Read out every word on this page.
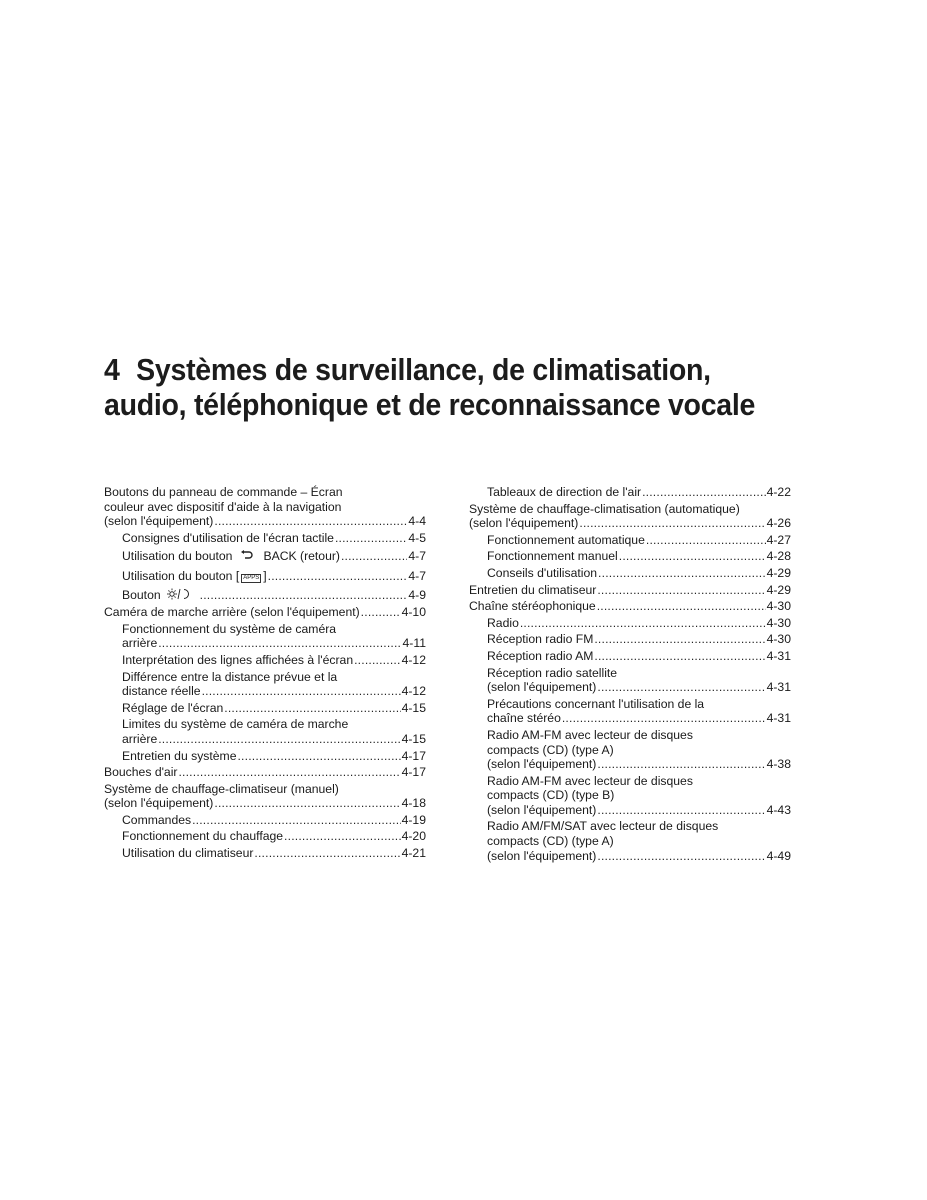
4 Systèmes de surveillance, de climatisation,
audio, téléphonique et de reconnaissance vocale
Boutons du panneau de commande – Écran
couleur avec dispositif d'aide à la navigation
(selon l'équipement) . . .	4-4
Consignes d'utilisation de l'écran tactile . . .	4-5
Utilisation du bouton	BACK (retour) . . .	4-7
Utilisation du bouton [ APPS ] . . .	4-7
Bouton . . .	4-9
Caméra de marche arrière (selon l'équipement) . . .	4-10
Fonctionnement du système de caméra
arrière . . .	4-11
Interprétation des lignes affichées à l'écran . . .	4-12
Différence entre la distance prévue et la
distance réelle . . .	4-12
Réglage de l'écran . . .	4-15
Limites du système de caméra de marche
arrière . . .	4-15
Entretien du système . . .	4-17
Bouches d'air . . .	4-17
Système de chauffage-climatiseur (manuel)
(selon l'équipement) . . .	4-18
Commandes . . .	4-19
Fonctionnement du chauffage . . .	4-20
Utilisation du climatiseur . . .	4-21
Tableaux de direction de l'air . . .	4-22
Système de chauffage-climatisation (automatique)
(selon l'équipement) . . .	4-26
Fonctionnement automatique . . .	4-27
Fonctionnement manuel . . .	4-28
Conseils d'utilisation . . .	4-29
Entretien du climatiseur . . .	4-29
Chaîne stéréophonique . . .	4-30
Radio . . .	4-30
Réception radio FM . . .	4-30
Réception radio AM . . .	4-31
Réception radio satellite
(selon l'équipement) . . .	4-31
Précautions concernant l'utilisation de la
chaîne stéréo . . .	4-31
Radio AM-FM avec lecteur de disques
compacts (CD) (type A)
(selon l'équipement) . . .	4-38
Radio AM-FM avec lecteur de disques
compacts (CD) (type B)
(selon l'équipement) . . .	4-43
Radio AM/FM/SAT avec lecteur de disques
compacts (CD) (type A)
(selon l'équipement) . . .	4-49
